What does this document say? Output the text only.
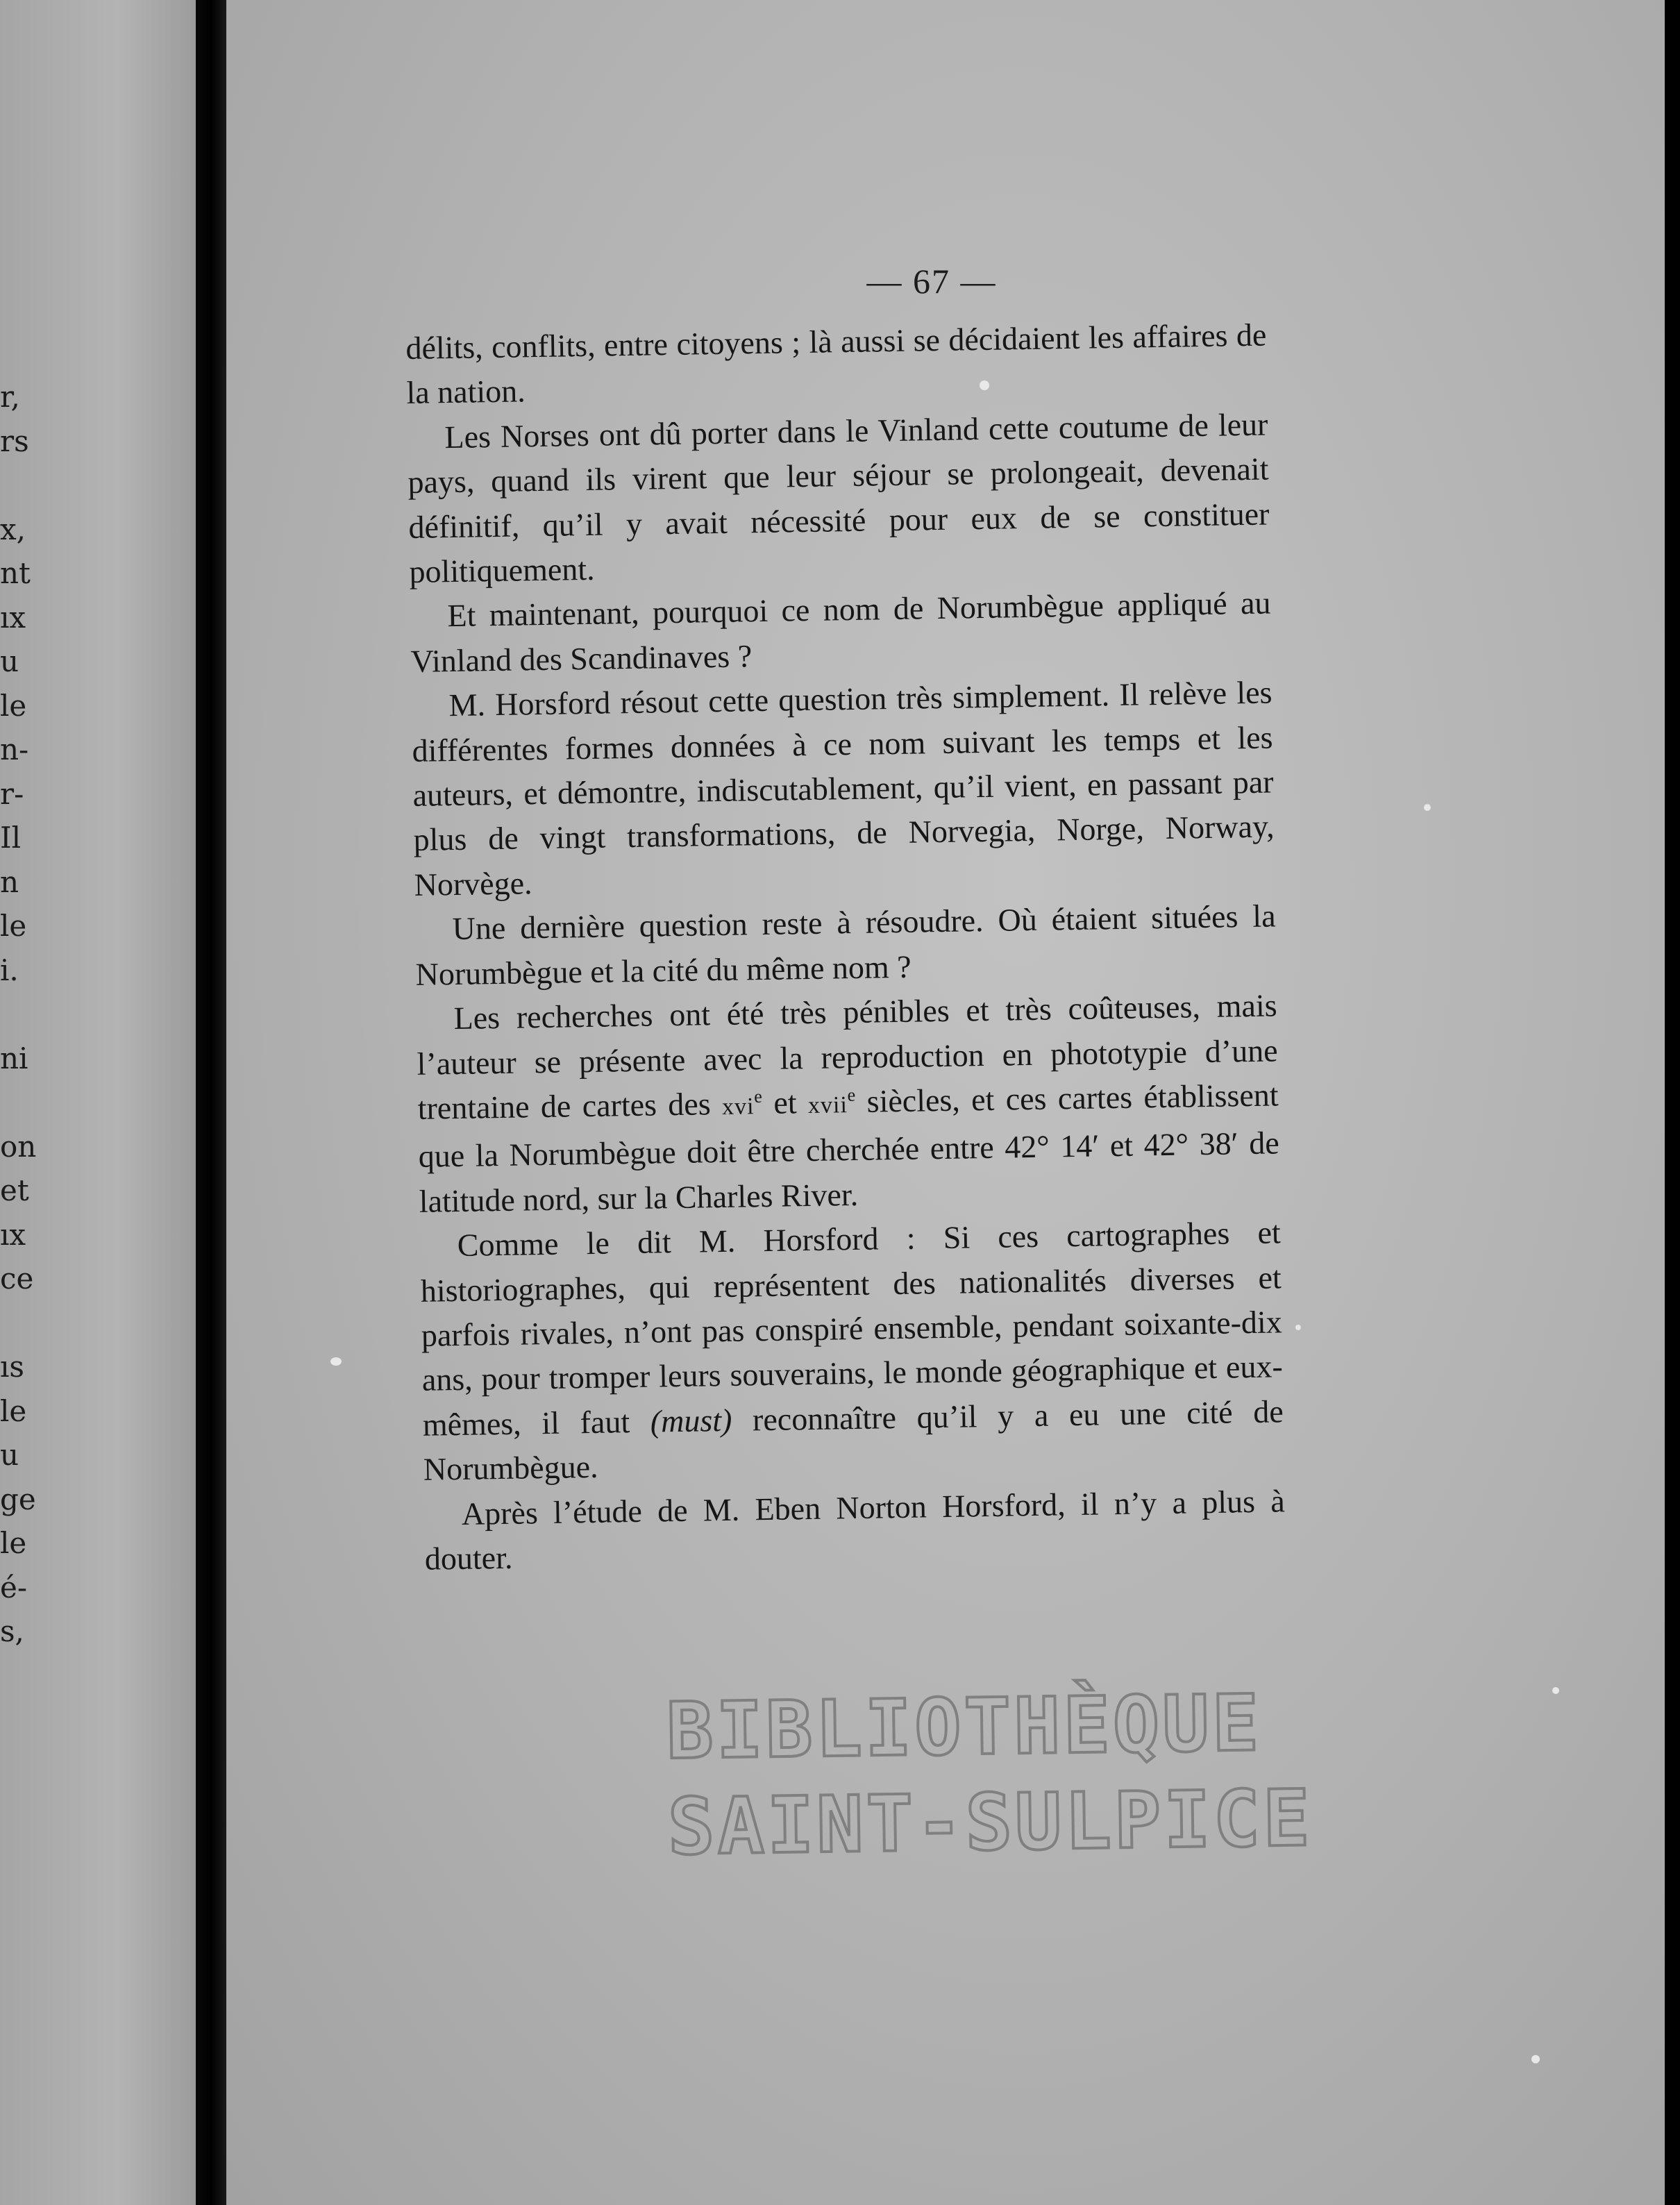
r,
rs
x,
nt
ıx
u
le
n-
r-
Il
n
le
i.
ni
on
et
ıx
ce
ıs
le
u
ge
le
é-
s,
— 67 —

délits, conflits, entre citoyens ; là aussi se décidaient les affaires de la nation.

Les Norses ont dû porter dans le Vinland cette coutume de leur pays, quand ils virent que leur séjour se prolongeait, devenait définitif, qu’il y avait nécessité pour eux de se constituer politiquement.

Et maintenant, pourquoi ce nom de Norumbègue appliqué au Vinland des Scandinaves ?

M. Horsford résout cette question très simplement. Il relève les différentes formes données à ce nom suivant les temps et les auteurs, et démontre, indiscutablement, qu’il vient, en passant par plus de vingt transformations, de Norvegia, Norge, Norway, Norvège.

Une dernière question reste à résoudre. Où étaient situées la Norumbègue et la cité du même nom ?

Les recherches ont été très pénibles et très coûteuses, mais l’auteur se présente avec la reproduction en phototypie d’une trentaine de cartes des xvi$^e$ et xvii$^e$ siècles, et ces cartes établissent que la Norumbègue doit être cherchée entre 42° 14′ et 42° 38′ de latitude nord, sur la Charles River.

Comme le dit M. Horsford : Si ces cartographes et historiographes, qui représentent des nationalités diverses et parfois rivales, n’ont pas conspiré ensemble, pendant soixante-dix ans, pour tromper leurs souverains, le monde géographique et eux-mêmes, il faut (must) reconnaître qu’il y a eu une cité de Norumbègue.

Après l’étude de M. Eben Norton Horsford, il n’y a plus à douter.

BIBLIOTHÈQUE
SAINT-SULPICE
